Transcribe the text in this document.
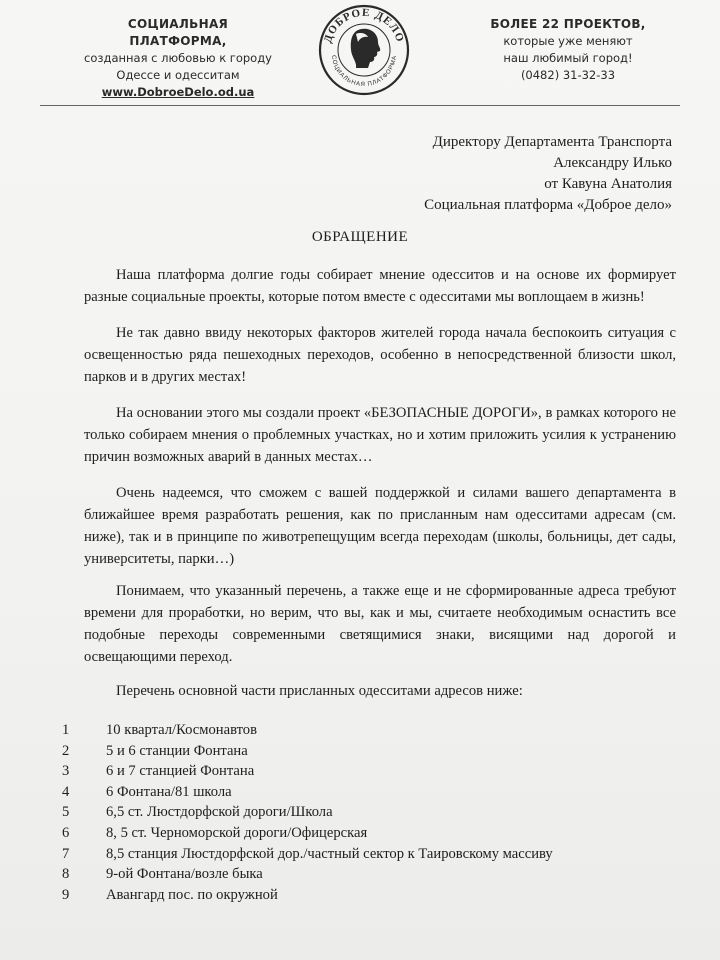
СОЦИАЛЬНАЯ ПЛАТФОРМА,
созданная с любовью к городу
Одессе и одесситам
www.DobroeDelo.od.ua
ДОБРОЕ ДЕЛО
СОЦИАЛЬНАЯ ПЛАТФОРМА
БОЛЕЕ 22 ПРОЕКТОВ,
которые уже меняют
наш любимый город!
(0482) 31-32-33
Директору Департамента Транспорта
Александру Илько
от Кавуна Анатолия
Социальная платформа «Доброе дело»
ОБРАЩЕНИЕ
Наша платформа долгие годы собирает мнение одесситов и на основе их формирует разные социальные проекты, которые потом вместе с одесситами мы воплощаем в жизнь!
Не так давно ввиду некоторых факторов жителей города начала беспокоить ситуация с освещенностью ряда пешеходных переходов, особенно в непосредственной близости школ, парков и в других местах!
На основании этого мы создали проект «БЕЗОПАСНЫЕ ДОРОГИ», в рамках которого не только собираем мнения о проблемных участках, но и хотим приложить усилия к устранению причин возможных аварий в данных местах…
Очень надеемся, что сможем с вашей поддержкой и силами вашего департамента в ближайшее время разработать решения, как по присланным нам одесситами адресам (см. ниже), так и в принципе по животрепещущим всегда переходам (школы, больницы, дет сады, университеты, парки…)
Понимаем, что указанный перечень, а также еще и не сформированные адреса требуют времени для проработки, но верим, что вы, как и мы, считаете необходимым оснастить все подобные переходы современными светящимися знаки, висящими над дорогой и освещающими переход.
Перечень основной части присланных одесситами адресов ниже:
1	10 квартал/Космонавтов
2	5 и 6 станции Фонтана
3	6 и 7 станцией Фонтана
4	6 Фонтана/81 школа
5	6,5 ст. Люстдорфской дороги/Школа
6	8, 5 ст. Черноморской дороги/Офицерская
7	8,5 станция Люстдорфской дор./частный сектор к Таировскому массиву
8	9-ой Фонтана/возле быка
9	Авангард пос. по окружной
